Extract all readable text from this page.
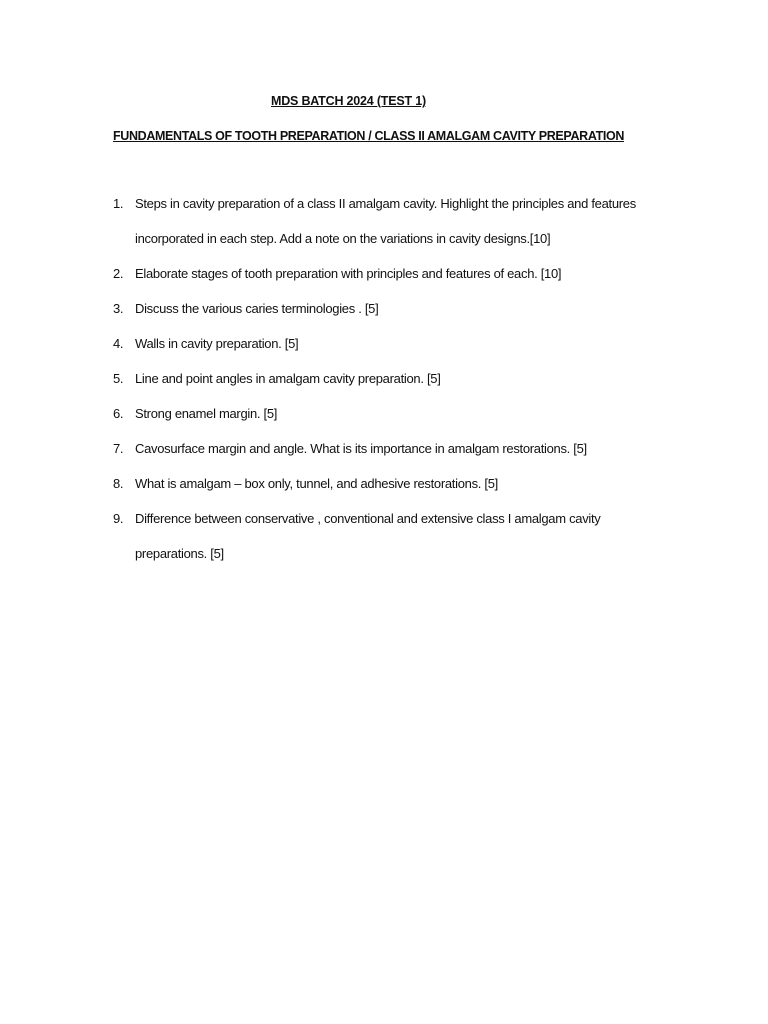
MDS BATCH 2024 (TEST 1)
FUNDAMENTALS OF TOOTH PREPARATION / CLASS II AMALGAM CAVITY PREPARATION
1. Steps in cavity preparation of a class II amalgam cavity. Highlight the principles and features incorporated in each step. Add a note on the variations in cavity designs.[10]
2. Elaborate stages of tooth preparation with principles and features of each. [10]
3. Discuss the various caries terminologies . [5]
4. Walls in cavity preparation. [5]
5. Line and point angles in amalgam cavity preparation. [5]
6. Strong enamel margin. [5]
7. Cavosurface margin and angle. What is its importance in amalgam restorations. [5]
8. What is amalgam – box only, tunnel, and adhesive restorations. [5]
9. Difference between conservative , conventional and extensive class I amalgam cavity preparations. [5]
